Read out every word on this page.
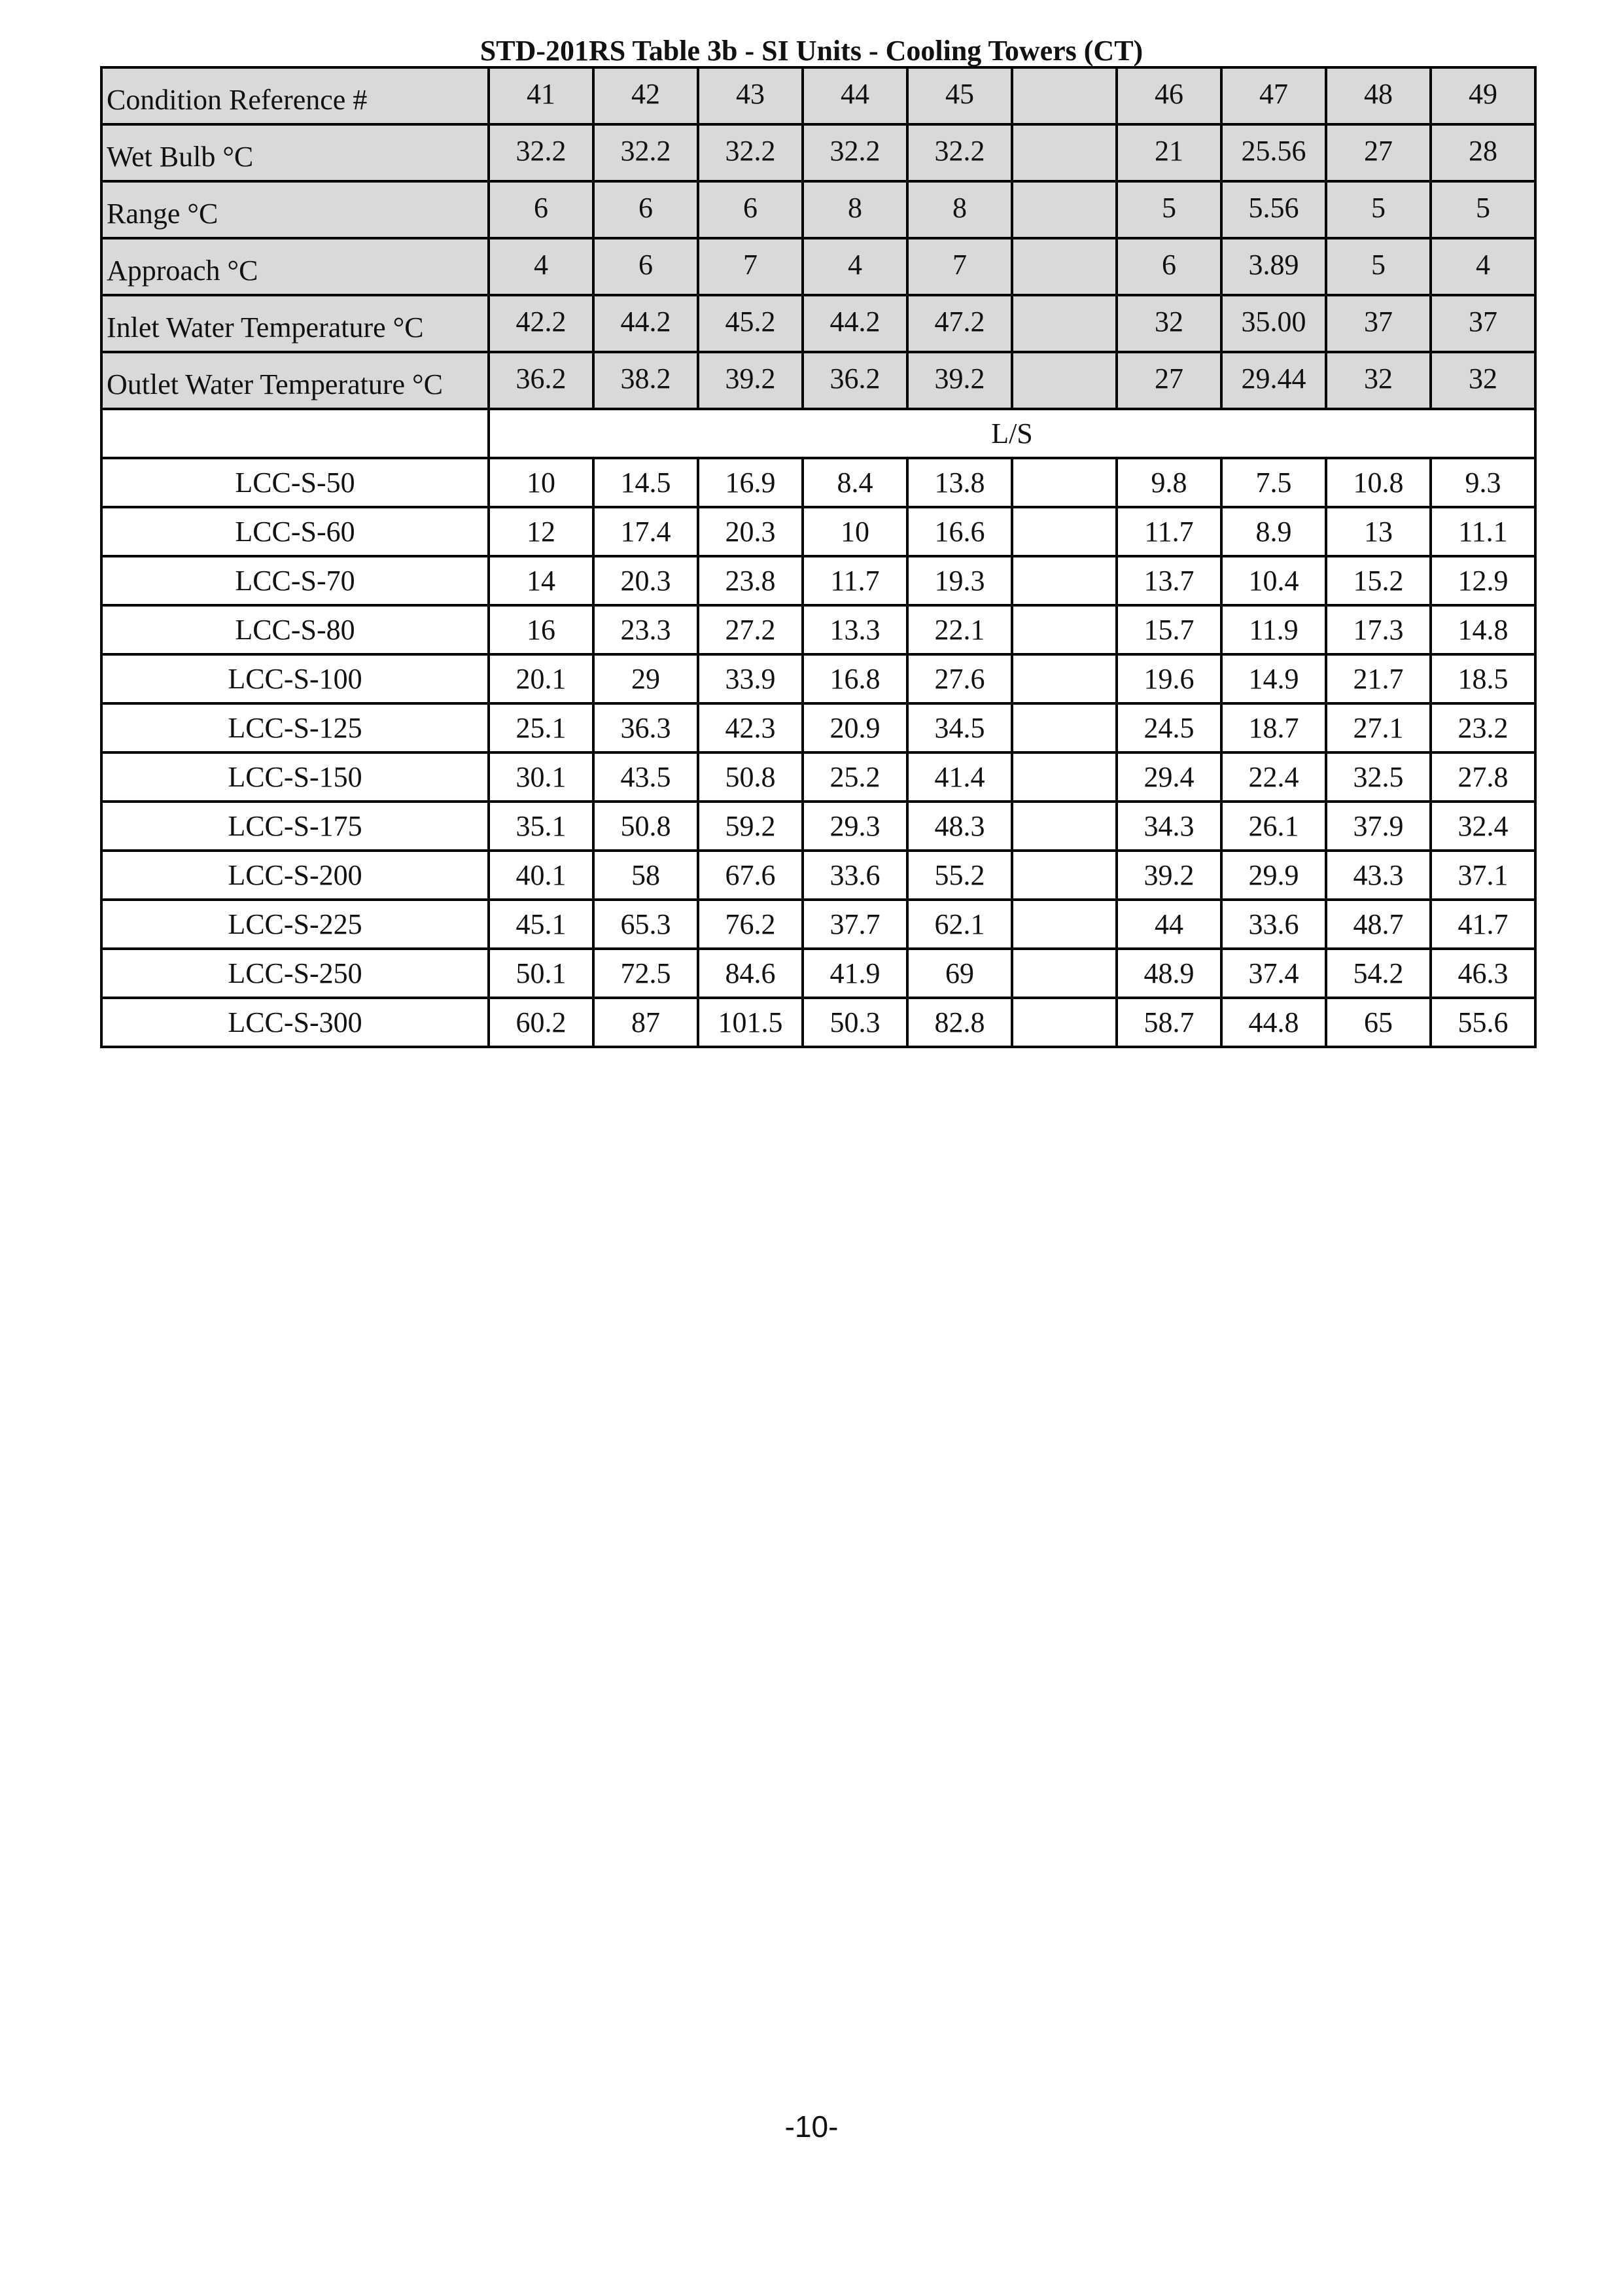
STD-201RS Table 3b - SI Units - Cooling Towers (CT)
Condition Reference #	41	42	43	44	45		46	47	48	49
Wet Bulb °C	32.2	32.2	32.2	32.2	32.2		21	25.56	27	28
Range °C	6	6	6	8	8		5	5.56	5	5
Approach °C	4	6	7	4	7		6	3.89	5	4
Inlet Water Temperature °C	42.2	44.2	45.2	44.2	47.2		32	35.00	37	37
Outlet Water Temperature °C	36.2	38.2	39.2	36.2	39.2		27	29.44	32	32
	L/S									
LCC-S-50	10	14.5	16.9	8.4	13.8		9.8	7.5	10.8	9.3
LCC-S-60	12	17.4	20.3	10	16.6		11.7	8.9	13	11.1
LCC-S-70	14	20.3	23.8	11.7	19.3		13.7	10.4	15.2	12.9
LCC-S-80	16	23.3	27.2	13.3	22.1		15.7	11.9	17.3	14.8
LCC-S-100	20.1	29	33.9	16.8	27.6		19.6	14.9	21.7	18.5
LCC-S-125	25.1	36.3	42.3	20.9	34.5		24.5	18.7	27.1	23.2
LCC-S-150	30.1	43.5	50.8	25.2	41.4		29.4	22.4	32.5	27.8
LCC-S-175	35.1	50.8	59.2	29.3	48.3		34.3	26.1	37.9	32.4
LCC-S-200	40.1	58	67.6	33.6	55.2		39.2	29.9	43.3	37.1
LCC-S-225	45.1	65.3	76.2	37.7	62.1		44	33.6	48.7	41.7
LCC-S-250	50.1	72.5	84.6	41.9	69		48.9	37.4	54.2	46.3
LCC-S-300	60.2	87	101.5	50.3	82.8		58.7	44.8	65	55.6
-10-
